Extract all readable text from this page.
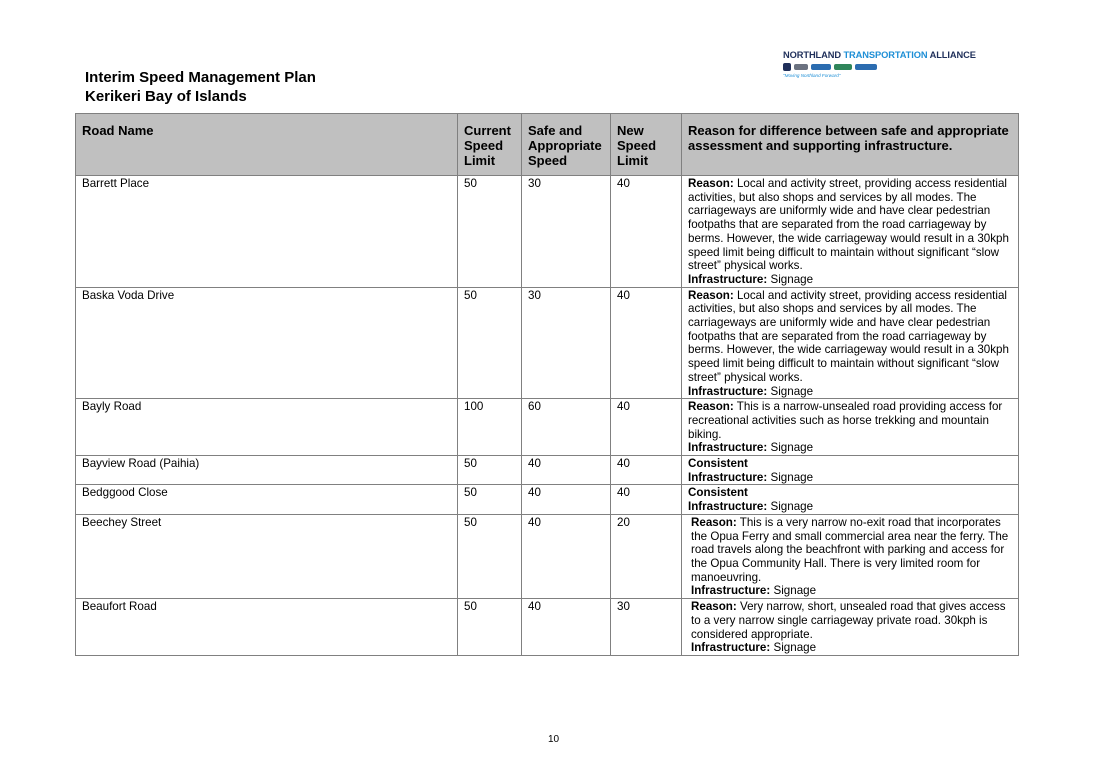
Interim Speed Management Plan
Kerikeri Bay of Islands
NORTHLAND TRANSPORTATION ALLIANCE
"Moving Northland Forward"
Road Name	Current Speed Limit	Safe and Appropriate Speed	New Speed Limit	Reason for difference between safe and appropriate assessment and supporting infrastructure.
Barrett Place	50	30	40	Reason: Local and activity street, providing access residential activities, but also shops and services by all modes. The carriageways are uniformly wide and have clear pedestrian footpaths that are separated from the road carriageway by berms. However, the wide carriageway would result in a 30kph speed limit being difficult to maintain without significant “slow street” physical works.
Infrastructure: Signage

Baska Voda Drive	50	30	40	Reason: Local and activity street, providing access residential activities, but also shops and services by all modes. The carriageways are uniformly wide and have clear pedestrian footpaths that are separated from the road carriageway by berms. However, the wide carriageway would result in a 30kph speed limit being difficult to maintain without significant “slow street” physical works.
Infrastructure: Signage

Bayly Road	100	60	40	Reason: This is a narrow-unsealed road providing access for recreational activities such as horse trekking and mountain biking.
Infrastructure: Signage

Bayview Road (Paihia)	50	40	40	Consistent
Infrastructure: Signage

Bedggood Close	50	40	40	Consistent
Infrastructure: Signage

Beechey Street	50	40	20	Reason: This is a very narrow no-exit road that incorporates the Opua Ferry and small commercial area near the ferry. The road travels along the beachfront with parking and access for the Opua Community Hall. There is very limited room for manoeuvring.
Infrastructure: Signage

Beaufort Road	50	40	30	Reason: Very narrow, short, unsealed road that gives access to a very narrow single carriageway private road. 30kph is considered appropriate.
Infrastructure: Signage
10
